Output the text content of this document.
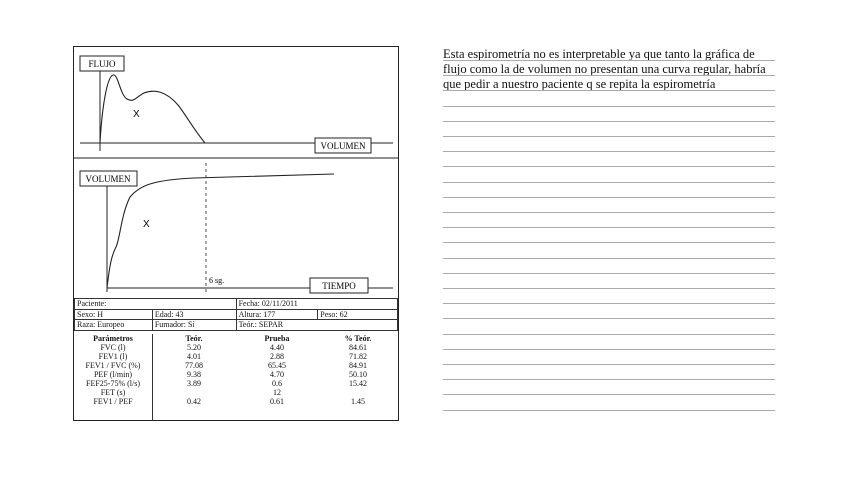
FLUJO
X
VOLUMEN
VOLUMEN
6 sg.
X
TIEMPO
Paciente:		Fecha: 02/11/2011	
Sexo: H	Edad: 43	Altura: 177	Peso: 62
Raza: Europeo	Fumador: Sí	Teór.: SEPAR	
Parámetros	Teór.	Prueba	% Teór.
FVC (l)	5.20	4.40	84.61
FEV1 (l)	4.01	2.88	71.82
FEV1 / FVC (%)	77.08	65.45	84.91
PEF (l/min)	9.38	4.70	50.10
FEF25-75% (l/s)	3.89	0.6	15.42
FET (s)		12	
FEV1 / PEF	0.42	0.61	1.45
Esta espirometría no es interpretable ya que tanto la gráfica de
flujo como la de volumen no presentan una curva regular, habría
que pedir a nuestro paciente q se repita la espirometría
